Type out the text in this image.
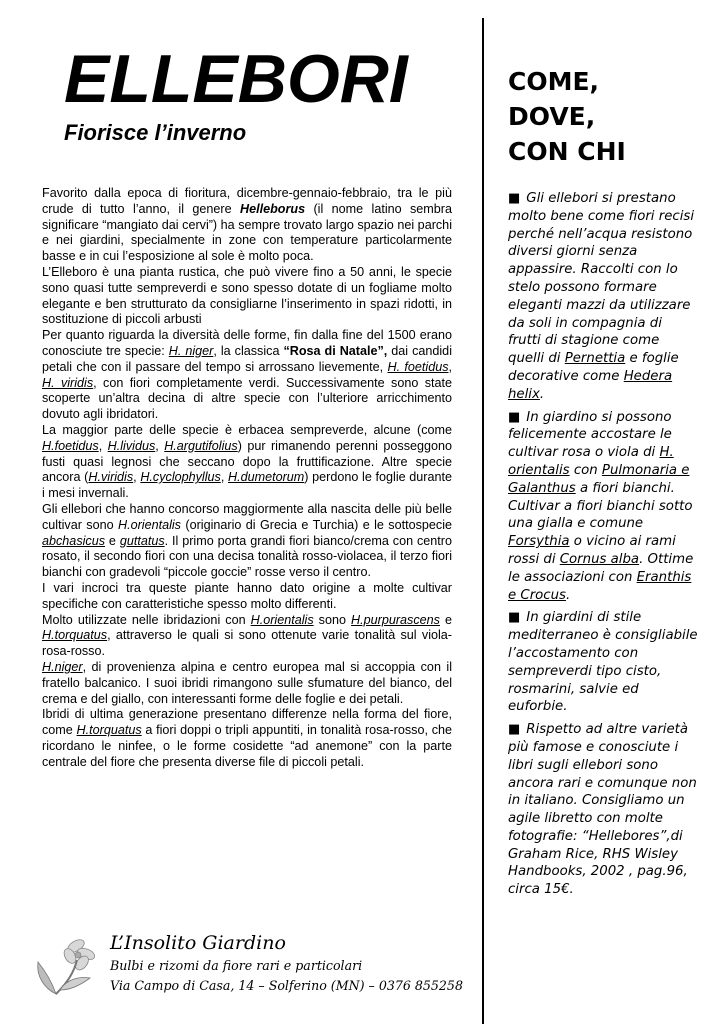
ELLEBORI
Fiorisce l’inverno

Favorito dalla epoca di fioritura, dicembre-gennaio-febbraio, tra le più crude di tutto l’anno, il genere Helleborus (il nome latino sembra significare “mangiato dai cervi”) ha sempre trovato largo spazio nei parchi e nei giardini, specialmente in zone con temperature particolarmente basse e in cui l’esposizione al sole è molto poca.

L’Elleboro è una pianta rustica, che può vivere fino a 50 anni, le specie sono quasi tutte sempreverdi e sono spesso dotate di un fogliame molto elegante e ben strutturato da consigliarne l’inserimento in spazi ridotti, in sostituzione di piccoli arbusti

Per quanto riguarda la diversità delle forme, fin dalla fine del 1500 erano conosciute tre specie: H. niger, la classica “Rosa di Natale”, dai candidi petali che con il passare del tempo si arrossano lievemente, H. foetidus, H. viridis, con fiori completamente verdi. Successivamente sono state scoperte un’altra decina di altre specie con l’ulteriore arricchimento dovuto agli ibridatori.

La maggior parte delle specie è erbacea sempreverde, alcune (come H.foetidus, H.lividus, H.argutifolius) pur rimanendo perenni posseggono fusti quasi legnosi che seccano dopo la fruttificazione. Altre specie ancora (H.viridis, H.cyclophyllus, H.dumetorum) perdono le foglie durante i mesi invernali.

Gli ellebori che hanno concorso maggiormente alla nascita delle più belle cultivar sono H.orientalis (originario di Grecia e Turchia) e le sottospecie abchasicus e guttatus. Il primo porta grandi fiori bianco/crema con centro rosato, il secondo fiori con una decisa tonalità rosso-violacea, il terzo fiori bianchi con gradevoli “piccole goccie” rosse verso il centro.

I vari incroci tra queste piante hanno dato origine a molte cultivar specifiche con caratteristiche spesso molto differenti.

Molto utilizzate nelle ibridazioni con H.orientalis sono H.purpurascens e H.torquatus, attraverso le quali si sono ottenute varie tonalità sul viola-rosa-rosso.

H.niger, di provenienza alpina e centro europea mal si accoppia con il fratello balcanico. I suoi ibridi rimangono sulle sfumature del bianco, del crema e del giallo, con interessanti forme delle foglie e dei petali.

Ibridi di ultima generazione presentano differenze nella forma del fiore, come H.torquatus a fiori doppi o tripli appuntiti, in tonalità rosa-rosso, che ricordano le ninfee, o le forme cosidette “ad anemone” con la parte centrale del fiore che presenta diverse file di piccoli petali.

COME,
DOVE,
CON CHI

■ Gli ellebori si prestano molto bene come fiori recisi perché nell’acqua resistono diversi giorni senza appassire. Raccolti con lo stelo possono formare eleganti mazzi da utilizzare da soli in compagnia di frutti di stagione come quelli di Pernettia e foglie decorative come Hedera helix.

■ In giardino si possono felicemente accostare le cultivar rosa o viola di H. orientalis con Pulmonaria e Galanthus a fiori bianchi. Cultivar a fiori bianchi sotto una gialla e comune Forsythia o vicino ai rami rossi di Cornus alba. Ottime le associazioni con Eranthis e Crocus.

■ In giardini di stile mediterraneo è consigliabile l’accostamento con sempreverdi tipo cisto, rosmarini, salvie ed euforbie.

■ Rispetto ad altre varietà più famose e conosciute i libri sugli ellebori sono ancora rari e comunque non in italiano. Consigliamo un agile libretto con molte fotografie: “Hellebores”,di Graham Rice, RHS Wisley Handbooks, 2002 , pag.96, circa 15€.

L’Insolito Giardino
Bulbi e rizomi da fiore rari e particolari
Via Campo di Casa, 14 – Solferino (MN) – 0376 855258
